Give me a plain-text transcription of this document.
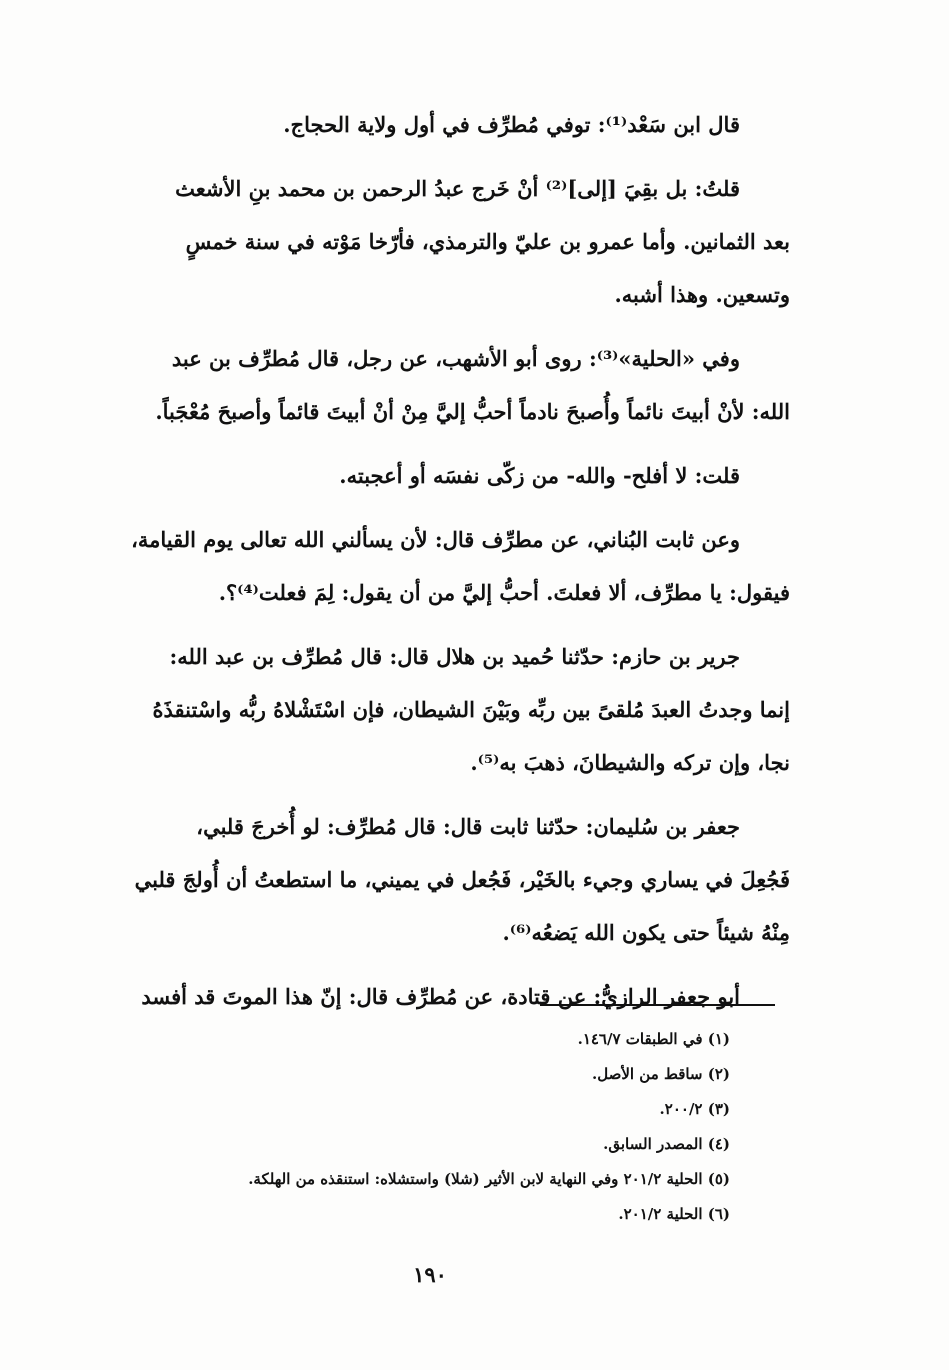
قال ابن سَعْد⁽¹⁾: توفي مُطرِّف في أول ولاية الحجاج.

قلتُ: بل بقِيَ [إلى]⁽²⁾ أنْ خَرج عبدُ الرحمن بن محمد بنِ الأشعث
بعد الثمانين. وأما عمرو بن عليّ والترمذي، فأرّخا مَوْته في سنة خمسٍ
وتسعين. وهذا أشبه.

وفي «الحلية»⁽³⁾: روى أبو الأشهب، عن رجل، قال مُطرِّف بن عبد
الله: لأنْ أبيتَ نائماً وأُصبحَ نادماً أحبُّ إليَّ مِنْ أنْ أبيتَ قائماً وأصبحَ مُعْجَباً.

قلت: لا أفلح- والله- من زكّى نفسَه أو أعجبته.

وعن ثابت البُناني، عن مطرِّف قال: لأن يسألني الله تعالى يوم القيامة،
فيقول: يا مطرِّف، ألا فعلتَ. أحبُّ إليَّ من أن يقول: لِمَ فعلت⁽⁴⁾؟.

جرير بن حازم: حدّثنا حُميد بن هلال قال: قال مُطرِّف بن عبد الله:
إنما وجدتُ العبدَ مُلقىً بين ربِّه وبَيْنَ الشيطان، فإن اسْتَشْلاهُ ربُّه واسْتنقذَهُ
نجا، وإن تركه والشيطانَ، ذهبَ به⁽⁵⁾.

جعفر بن سُليمان: حدّثنا ثابت قال: قال مُطرِّف: لو أُخرجَ قلبي،
فَجُعِلَ في يساري وجيء بالخَيْر، فَجُعل في يميني، ما استطعتُ أن أُولجَ قلبي
مِنْهُ شيئاً حتى يكون الله يَضعُه⁽⁶⁾.

أبو جعفر الرازيُّ: عن قتادة، عن مُطرِّف قال: إنّ هذا الموتَ قد أفسد

(١) في الطبقات ١٤٦/٧.
(٢) ساقط من الأصل.
(٣) ٢٠٠/٢.
(٤) المصدر السابق.
(٥) الحلية ٢٠١/٢ وفي النهاية لابن الأثير (شلا) واستشلاه: استنقذه من الهلكة.
(٦) الحلية ٢٠١/٢.
١٩٠
